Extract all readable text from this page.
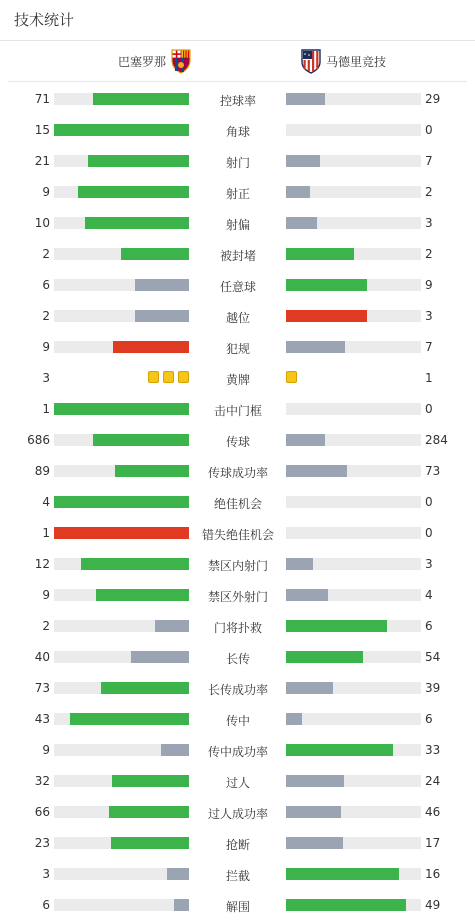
技术统计
巴塞罗那	马德里竞技
71	控球率	29
15	角球	0
21	射门	7
9	射正	2
10	射偏	3
2	被封堵	2
6	任意球	9
2	越位	3
9	犯规	7
3	黄牌	1
1	击中门框	0
686	传球	284
89	传球成功率	73
4	绝佳机会	0
1	错失绝佳机会	0
12	禁区内射门	3
9	禁区外射门	4
2	门将扑救	6
40	长传	54
73	长传成功率	39
43	传中	6
9	传中成功率	33
32	过人	24
66	过人成功率	46
23	抢断	17
3	拦截	16
6	解围	49
